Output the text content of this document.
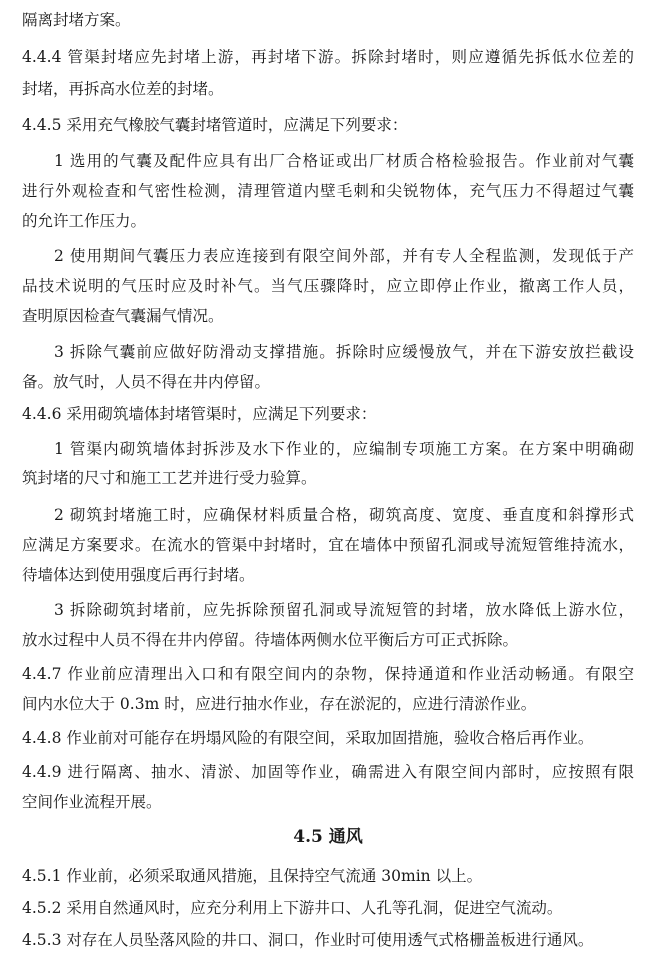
隔离封堵方案。
4.4.4 管渠封堵应先封堵上游，再封堵下游。拆除封堵时，则应遵循先拆低水位差的
封堵，再拆高水位差的封堵。
4.4.5 采用充气橡胶气囊封堵管道时，应满足下列要求：
1 选用的气囊及配件应具有出厂合格证或出厂材质合格检验报告。作业前对气囊
进行外观检查和气密性检测，清理管道内壁毛刺和尖锐物体，充气压力不得超过气囊
的允许工作压力。
2 使用期间气囊压力表应连接到有限空间外部，并有专人全程监测，发现低于产
品技术说明的气压时应及时补气。当气压骤降时，应立即停止作业，撤离工作人员，
查明原因检查气囊漏气情况。
3 拆除气囊前应做好防滑动支撑措施。拆除时应缓慢放气，并在下游安放拦截设
备。放气时，人员不得在井内停留。
4.4.6 采用砌筑墙体封堵管渠时，应满足下列要求：
1 管渠内砌筑墙体封拆涉及水下作业的，应编制专项施工方案。在方案中明确砌
筑封堵的尺寸和施工工艺并进行受力验算。
2 砌筑封堵施工时，应确保材料质量合格，砌筑高度、宽度、垂直度和斜撑形式
应满足方案要求。在流水的管渠中封堵时，宜在墙体中预留孔洞或导流短管维持流水，
待墙体达到使用强度后再行封堵。
3 拆除砌筑封堵前，应先拆除预留孔洞或导流短管的封堵，放水降低上游水位，
放水过程中人员不得在井内停留。待墙体两侧水位平衡后方可正式拆除。
4.4.7 作业前应清理出入口和有限空间内的杂物，保持通道和作业活动畅通。有限空
间内水位大于 0.3m 时，应进行抽水作业，存在淤泥的，应进行清淤作业。
4.4.8 作业前对可能存在坍塌风险的有限空间，采取加固措施，验收合格后再作业。
4.4.9 进行隔离、抽水、清淤、加固等作业，确需进入有限空间内部时，应按照有限
空间作业流程开展。
4.5 通风
4.5.1 作业前，必须采取通风措施，且保持空气流通 30min 以上。
4.5.2 采用自然通风时，应充分利用上下游井口、人孔等孔洞，促进空气流动。
4.5.3 对存在人员坠落风险的井口、洞口，作业时可使用透气式格栅盖板进行通风。
